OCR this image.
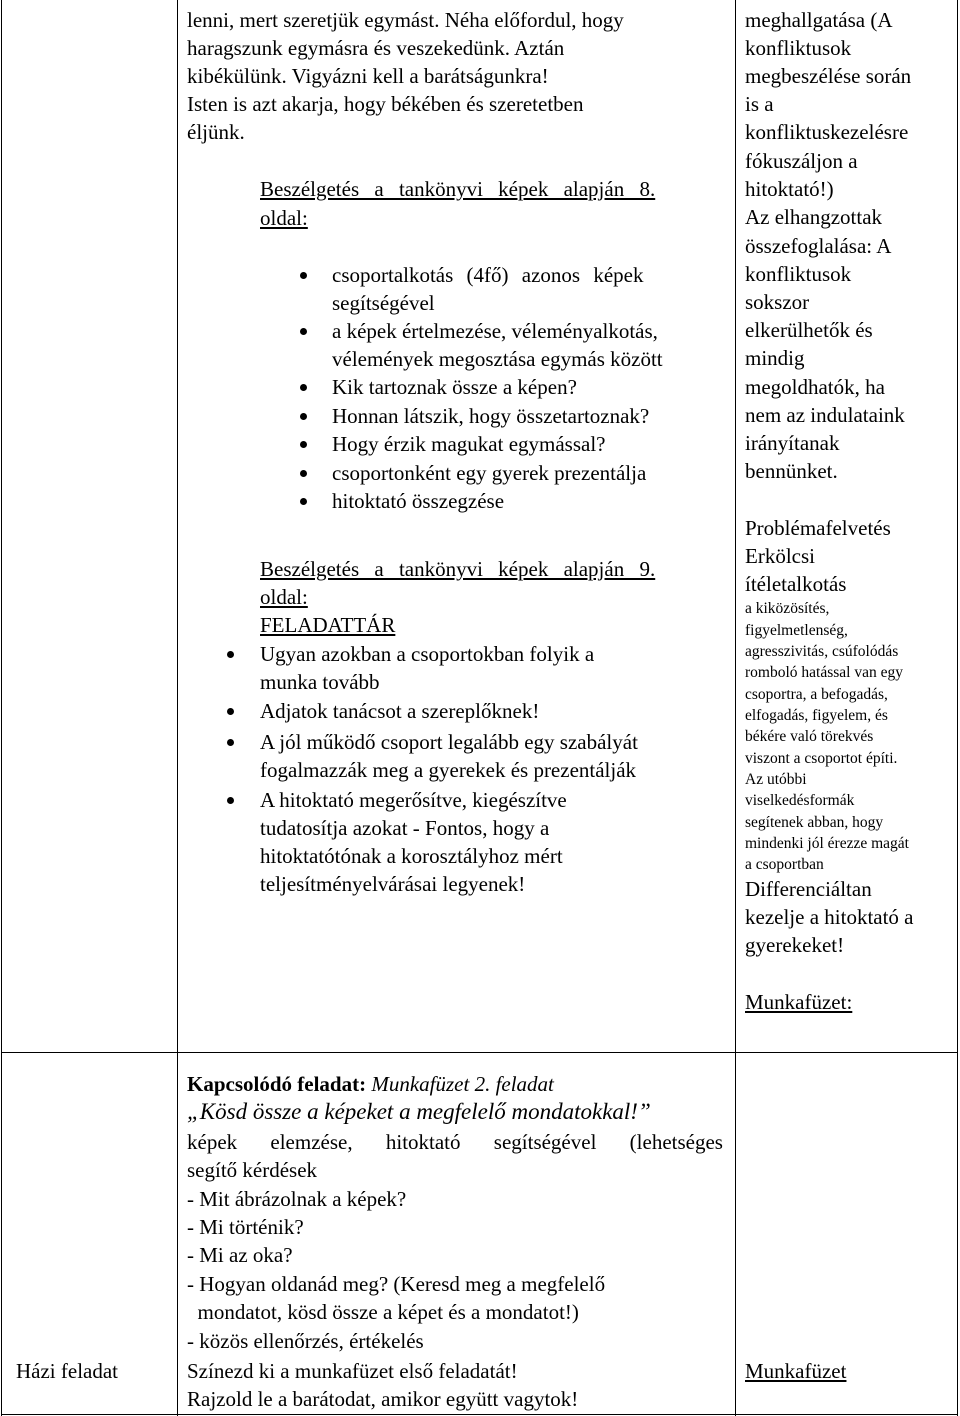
lenni, mert szeretjük egymást. Néha előfordul, hogy
haragszunk egymásra és veszekedünk. Aztán
kibékülünk. Vigyázni kell a barátságunkra!
Isten is azt akarja, hogy békében és szeretetben
éljünk.
Beszélgetés a tankönyvi képek alapján 8.
oldal:
csoportalkotás (4fő) azonos képek
segítségével
a képek értelmezése, véleményalkotás,
vélemények megosztása egymás között
Kik tartoznak össze a képen?
Honnan látszik, hogy összetartoznak?
Hogy érzik magukat egymással?
csoportonként egy gyerek prezentálja
hitoktató összegzése
Beszélgetés a tankönyvi képek alapján 9.
oldal:
FELADATTÁR
Ugyan azokban a csoportokban folyik a
munka tovább
Adjatok tanácsot a szereplőknek!
A jól működő csoport legalább egy szabályát
fogalmazzák meg a gyerekek és prezentálják
A hitoktató megerősítve, kiegészítve
tudatosítja azokat - Fontos, hogy a
hitoktatótónak a korosztályhoz mért
teljesítményelvárásai legyenek!
meghallgatása (A
konfliktusok
megbeszélése során
is a
konfliktuskezelésre
fókuszáljon a
hitoktató!)
Az elhangzottak
összefoglalása: A
konfliktusok
sokszor
elkerülhetők és
mindig
megoldhatók, ha
nem az indulataink
irányítanak
bennünket.
Problémafelvetés
Erkölcsi
ítéletalkotás
a kiközösítés,
figyelmetlenség,
agresszivitás, csúfolódás
romboló hatással van egy
csoportra, a befogadás,
elfogadás, figyelem, és
békére való törekvés
viszont a csoportot építi.
Az utóbbi
viselkedésformák
segítenek abban, hogy
mindenki jól érezze magát
a csoportban
Differenciáltan
kezelje a hitoktató a
gyerekeket!
Munkafüzet:
Kapcsolódó feladat: Munkafüzet 2. feladat
„Kösd össze a képeket a megfelelő mondatokkal!”
képek elemzése, hitoktató segítségével (lehetséges
segítő kérdések
- Mit ábrázolnak a képek?
- Mi történik?
- Mi az oka?
- Hogyan oldanád meg? (Keresd meg a megfelelő
mondatot, kösd össze a képet és a mondatot!)
- közös ellenőrzés, értékelés
Házi feladat	Színezd ki a munkafüzet első feladatát!
Rajzold le a barátodat, amikor együtt vagytok!
Munkafüzet
